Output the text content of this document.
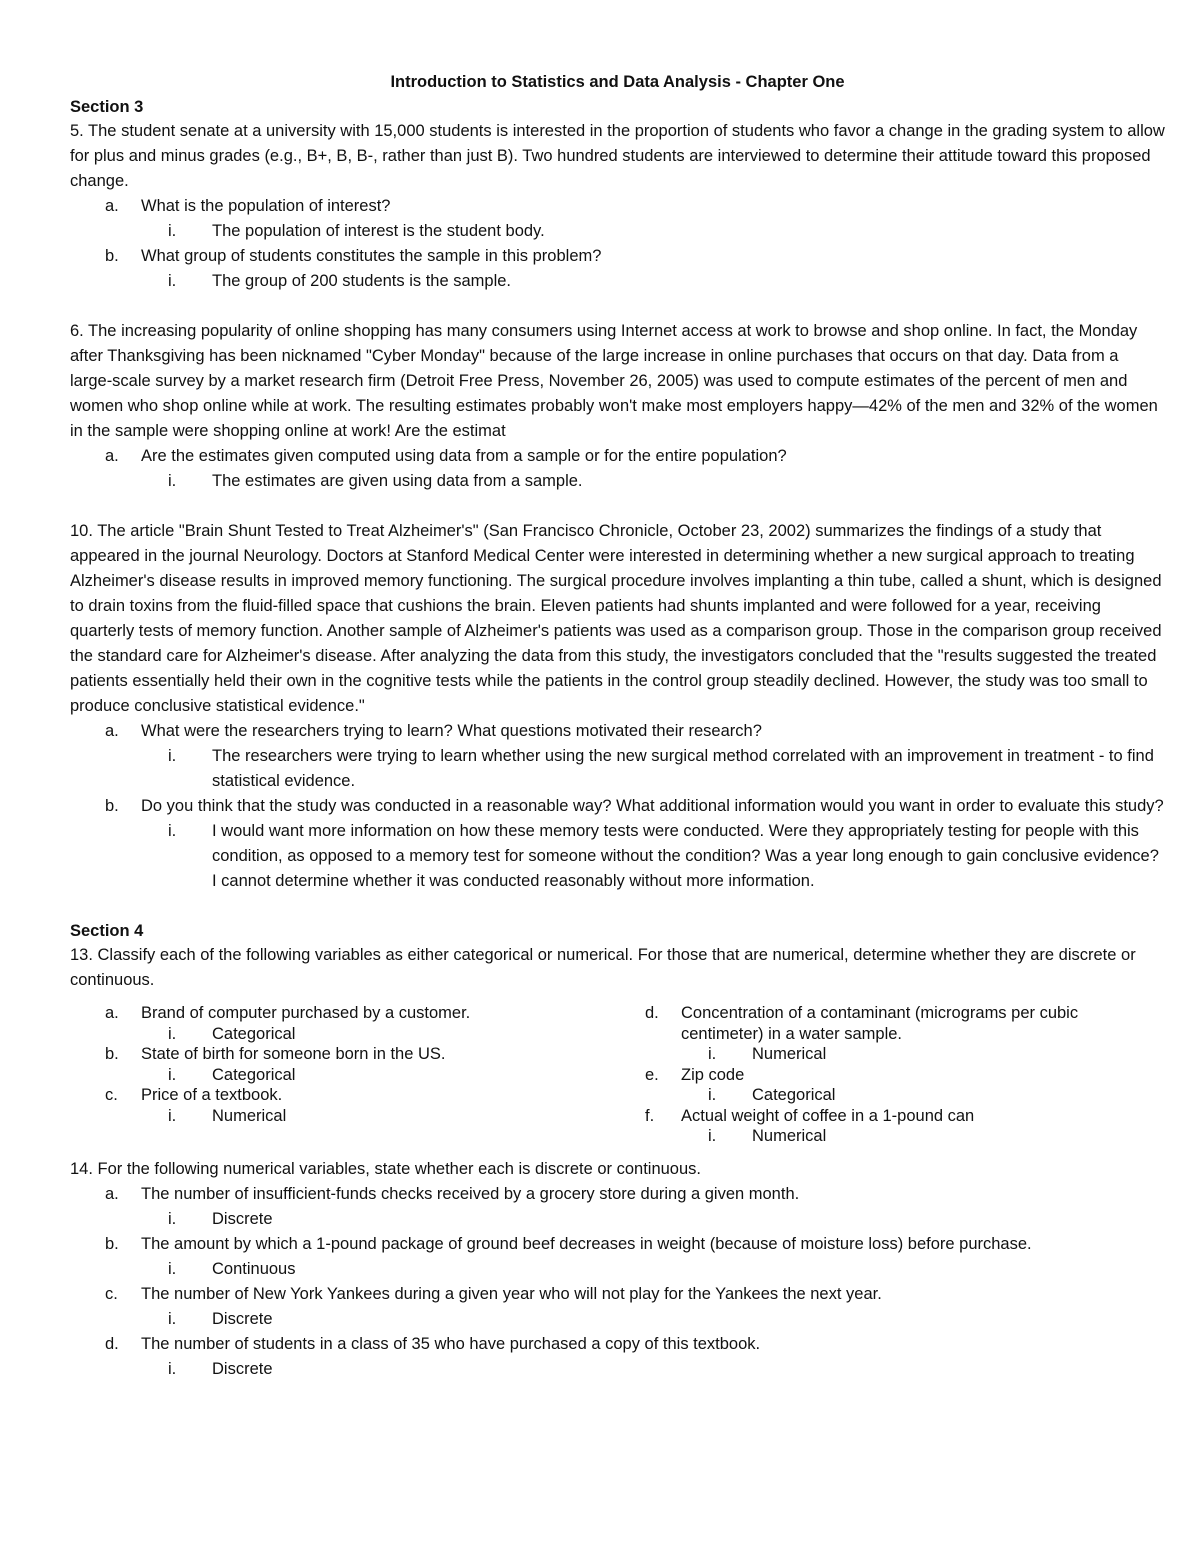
Introduction to Statistics and Data Analysis - Chapter One
Section 3

5. The student senate at a university with 15,000 students is interested in the proportion of students who favor a change in the grading system to allow for plus and minus grades (e.g., B+, B, B-, rather than just B). Two hundred students are interviewed to determine their attitude toward this proposed change.

a. What is the population of interest?
i. The population of interest is the student body.
b. What group of students constitutes the sample in this problem?
i. The group of 200 students is the sample.

6. The increasing popularity of online shopping has many consumers using Internet access at work to browse and shop online. In fact, the Monday after Thanksgiving has been nicknamed "Cyber Monday" because of the large increase in online purchases that occurs on that day. Data from a large-scale survey by a market research firm (Detroit Free Press, November 26, 2005) was used to compute estimates of the percent of men and women who shop online while at work. The resulting estimates probably won't make most employers happy—42% of the men and 32% of the women in the sample were shopping online at work! Are the estimat

a. Are the estimates given computed using data from a sample or for the entire population?
i. The estimates are given using data from a sample.

10. The article "Brain Shunt Tested to Treat Alzheimer's" (San Francisco Chronicle, October 23, 2002) summarizes the findings of a study that appeared in the journal Neurology. Doctors at Stanford Medical Center were interested in determining whether a new surgical approach to treating Alzheimer's disease results in improved memory functioning. The surgical procedure involves implanting a thin tube, called a shunt, which is designed to drain toxins from the fluid-filled space that cushions the brain. Eleven patients had shunts implanted and were followed for a year, receiving quarterly tests of memory function. Another sample of Alzheimer's patients was used as a comparison group. Those in the comparison group received the standard care for Alzheimer's disease. After analyzing the data from this study, the investigators concluded that the "results suggested the treated patients essentially held their own in the cognitive tests while the patients in the control group steadily declined. However, the study was too small to produce conclusive statistical evidence."

a. What were the researchers trying to learn? What questions motivated their research?
i. The researchers were trying to learn whether using the new surgical method correlated with an improvement in treatment - to find statistical evidence.
b. Do you think that the study was conducted in a reasonable way? What additional information would you want in order to evaluate this study?
i. I would want more information on how these memory tests were conducted. Were they appropriately testing for people with this condition, as opposed to a memory test for someone without the condition? Was a year long enough to gain conclusive evidence? I cannot determine whether it was conducted reasonably without more information.
Section 4

13. Classify each of the following variables as either categorical or numerical. For those that are numerical, determine whether they are discrete or continuous.

a. Brand of computer purchased by a customer.
i. Categorical
b. State of birth for someone born in the US.
i. Categorical
c. Price of a textbook.
i. Numerical
d. Concentration of a contaminant (micrograms per cubic centimeter) in a water sample.
i. Numerical
e. Zip code
i. Categorical
f. Actual weight of coffee in a 1-pound can
i. Numerical

14. For the following numerical variables, state whether each is discrete or continuous.

a. The number of insufficient-funds checks received by a grocery store during a given month.
i. Discrete
b. The amount by which a 1-pound package of ground beef decreases in weight (because of moisture loss) before purchase.
i. Continuous
c. The number of New York Yankees during a given year who will not play for the Yankees the next year.
i. Discrete
d. The number of students in a class of 35 who have purchased a copy of this textbook.
i. Discrete
